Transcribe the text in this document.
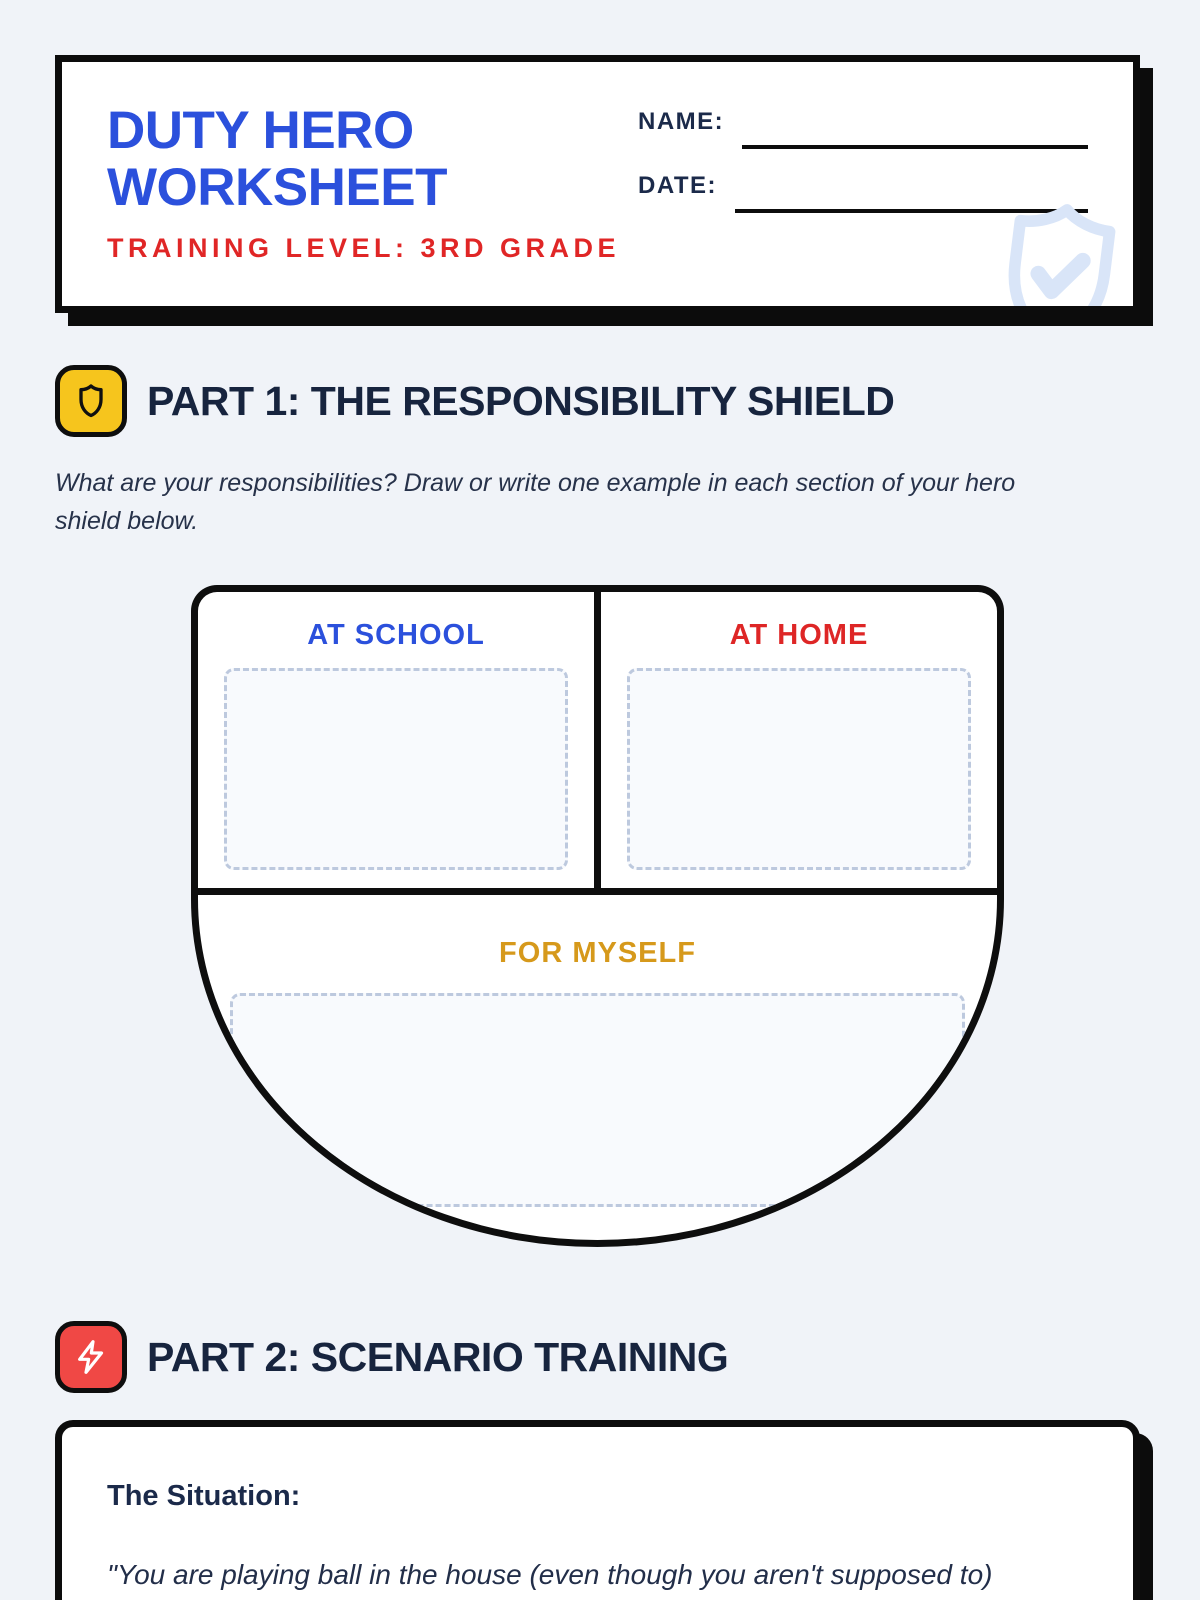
DUTY HERO
WORKSHEET
TRAINING LEVEL: 3RD GRADE
NAME:
DATE:
PART 1: THE RESPONSIBILITY SHIELD

What are your responsibilities? Draw or write one example in each section of your hero shield below.

AT SCHOOL	AT HOME
FOR MYSELF
PART 2: SCENARIO TRAINING
The Situation:

"You are playing ball in the house (even though you aren't supposed to)
